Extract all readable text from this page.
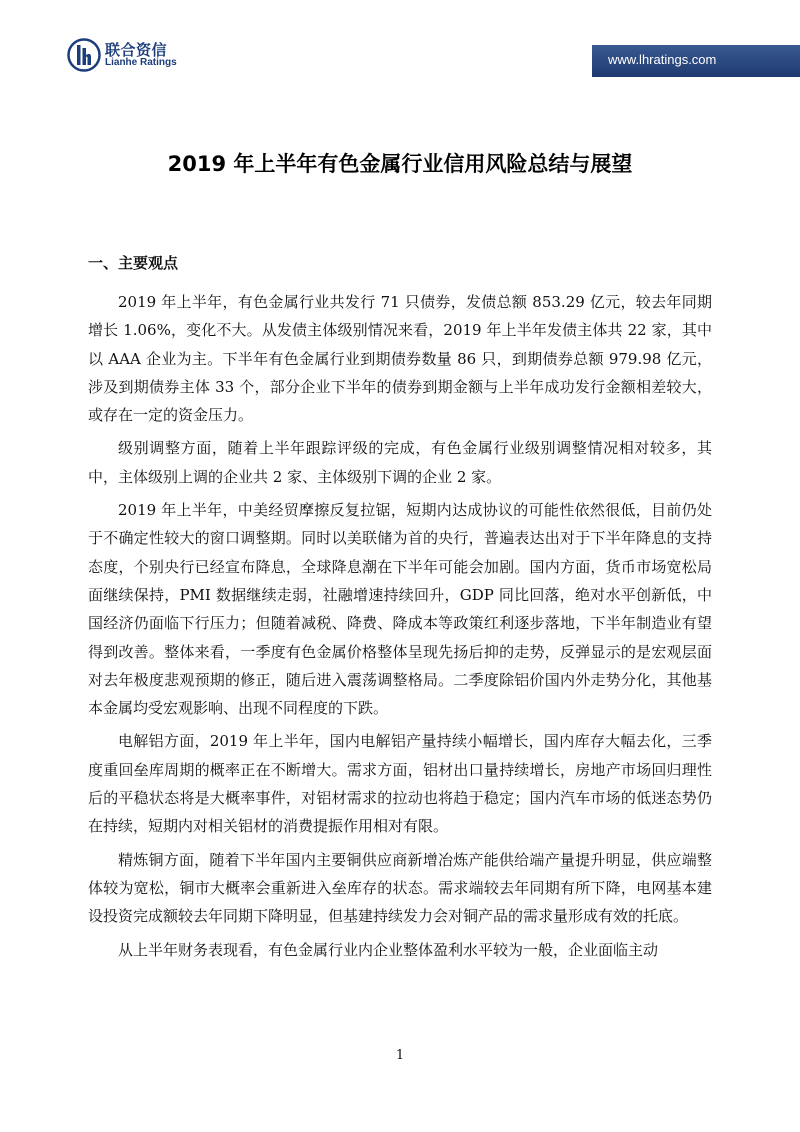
联合资信
Lianhe Ratings	www.lhratings.com
2019 年上半年有色金属行业信用风险总结与展望
一、主要观点

2019 年上半年，有色金属行业共发行 71 只债券，发债总额 853.29 亿元，较去年同期增长 1.06%，变化不大。从发债主体级别情况来看，2019 年上半年发债主体共 22 家，其中以 AAA 企业为主。下半年有色金属行业到期债券数量 86 只，到期债券总额 979.98 亿元，涉及到期债券主体 33 个，部分企业下半年的债券到期金额与上半年成功发行金额相差较大，或存在一定的资金压力。

级别调整方面，随着上半年跟踪评级的完成，有色金属行业级别调整情况相对较多，其中，主体级别上调的企业共 2 家、主体级别下调的企业 2 家。

2019 年上半年，中美经贸摩擦反复拉锯，短期内达成协议的可能性依然很低，目前仍处于不确定性较大的窗口调整期。同时以美联储为首的央行，普遍表达出对于下半年降息的支持态度，个别央行已经宣布降息，全球降息潮在下半年可能会加剧。国内方面，货币市场宽松局面继续保持，PMI 数据继续走弱，社融增速持续回升，GDP 同比回落，绝对水平创新低，中国经济仍面临下行压力；但随着减税、降费、降成本等政策红利逐步落地，下半年制造业有望得到改善。整体来看，一季度有色金属价格整体呈现先扬后抑的走势，反弹显示的是宏观层面对去年极度悲观预期的修正，随后进入震荡调整格局。二季度除铝价国内外走势分化，其他基本金属均受宏观影响、出现不同程度的下跌。

电解铝方面，2019 年上半年，国内电解铝产量持续小幅增长，国内库存大幅去化，三季度重回垒库周期的概率正在不断增大。需求方面，铝材出口量持续增长，房地产市场回归理性后的平稳状态将是大概率事件，对铝材需求的拉动也将趋于稳定；国内汽车市场的低迷态势仍在持续，短期内对相关铝材的消费提振作用相对有限。

精炼铜方面，随着下半年国内主要铜供应商新增冶炼产能供给端产量提升明显，供应端整体较为宽松，铜市大概率会重新进入垒库存的状态。需求端较去年同期有所下降，电网基本建设投资完成额较去年同期下降明显，但基建持续发力会对铜产品的需求量形成有效的托底。

从上半年财务表现看，有色金属行业内企业整体盈利水平较为一般，企业面临主动

1
